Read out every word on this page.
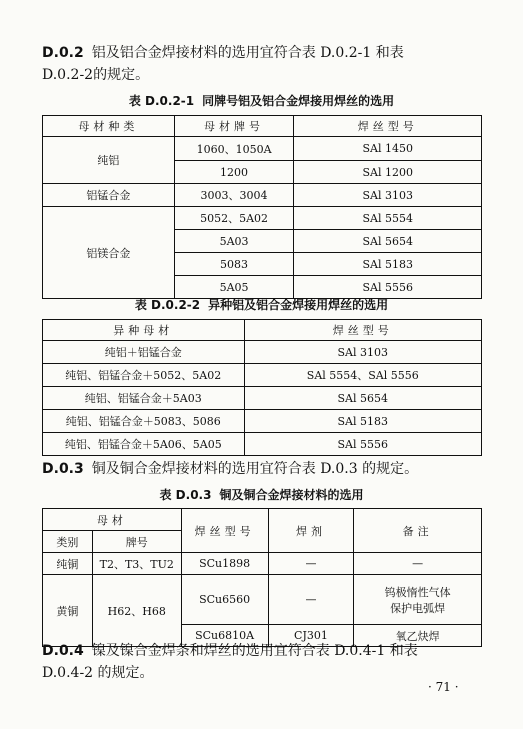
D.0.2 铝及铝合金焊接材料的选用宜符合表 D.0.2-1 和表
D.0.2-2的规定。

表 D.0.2-1 同牌号铝及铝合金焊接用焊丝的选用
母材种类	母材牌号	焊丝型号
纯铝	1060、1050A	SAl 1450
	1200	SAl 1200
铝锰合金	3003、3004	SAl 3103
铝镁合金	5052、5A02	SAl 5554
	5A03	SAl 5654
	5083	SAl 5183
	5A05	SAl 5556
表 D.0.2-2 异种铝及铝合金焊接用焊丝的选用
异种母材	焊丝型号
纯铝＋铝锰合金	SAl 3103
纯铝、铝锰合金＋5052、5A02	SAl 5554、SAl 5556
纯铝、铝锰合金＋5A03	SAl 5654
纯铝、铝锰合金＋5083、5086	SAl 5183
纯铝、铝锰合金＋5A06、5A05	SAl 5556

D.0.3 铜及铜合金焊接材料的选用宜符合表 D.0.3 的规定。

表 D.0.3 铜及铜合金焊接材料的选用
母材		焊丝型号	焊剂	备注
类别	牌号			
纯铜	T2、T3、TU2	SCu1898	—	—
黄铜	H62、H68	SCu6560	—	钨极惰性气体
保护电弧焊
		SCu6810A	CJ301	氧乙炔焊

D.0.4 镍及镍合金焊条和焊丝的选用宜符合表 D.0.4-1 和表
D.0.4-2 的规定。

· 71 ·
